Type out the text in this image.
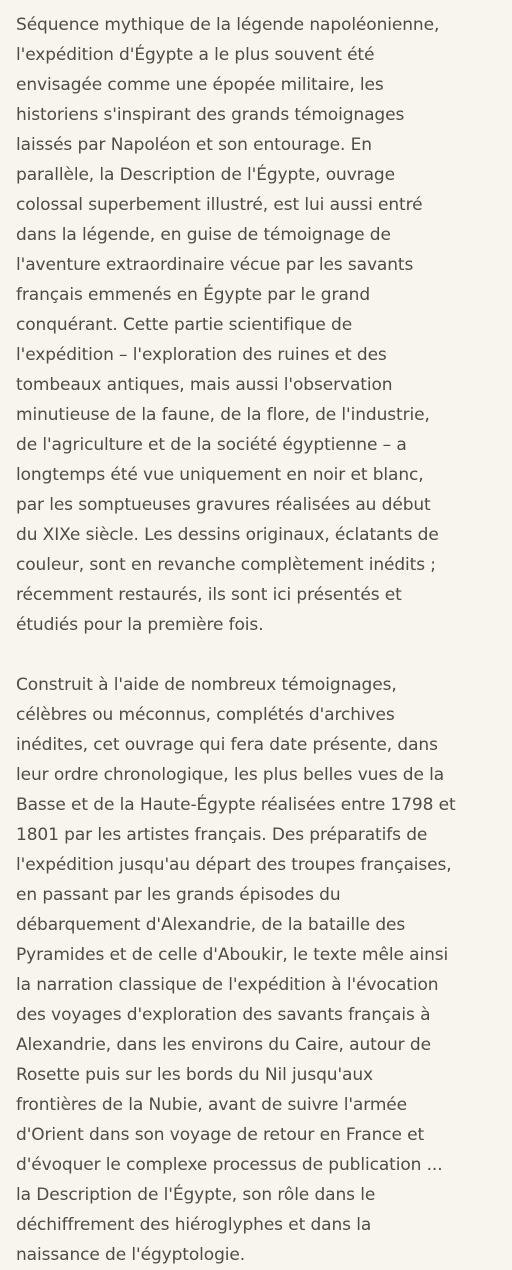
Séquence mythique de la légende napoléonienne,
l'expédition d'Égypte a le plus souvent été
envisagée comme une épopée militaire, les
historiens s'inspirant des grands témoignages
laissés par Napoléon et son entourage. En
parallèle, la Description de l'Égypte, ouvrage
colossal superbement illustré, est lui aussi entré
dans la légende, en guise de témoignage de
l'aventure extraordinaire vécue par les savants
français emmenés en Égypte par le grand
conquérant. Cette partie scientifique de
l'expédition – l'exploration des ruines et des
tombeaux antiques, mais aussi l'observation
minutieuse de la faune, de la flore, de l'industrie,
de l'agriculture et de la société égyptienne – a
longtemps été vue uniquement en noir et blanc,
par les somptueuses gravures réalisées au début
du XIXe siècle. Les dessins originaux, éclatants de
couleur, sont en revanche complètement inédits ;
récemment restaurés, ils sont ici présentés et
étudiés pour la première fois.
Construit à l'aide de nombreux témoignages,
célèbres ou méconnus, complétés d'archives
inédites, cet ouvrage qui fera date présente, dans
leur ordre chronologique, les plus belles vues de la
Basse et de la Haute-Égypte réalisées entre 1798 et
1801 par les artistes français. Des préparatifs de
l'expédition jusqu'au départ des troupes françaises,
en passant par les grands épisodes du
débarquement d'Alexandrie, de la bataille des
Pyramides et de celle d'Aboukir, le texte mêle ainsi
la narration classique de l'expédition à l'évocation
des voyages d'exploration des savants français à
Alexandrie, dans les environs du Caire, autour de
Rosette puis sur les bords du Nil jusqu'aux
frontières de la Nubie, avant de suivre l'armée
d'Orient dans son voyage de retour en France et
d'évoquer le complexe processus de publication ...
la Description de l'Égypte, son rôle dans le
déchiffrement des hiéroglyphes et dans la
naissance de l'égyptologie.
